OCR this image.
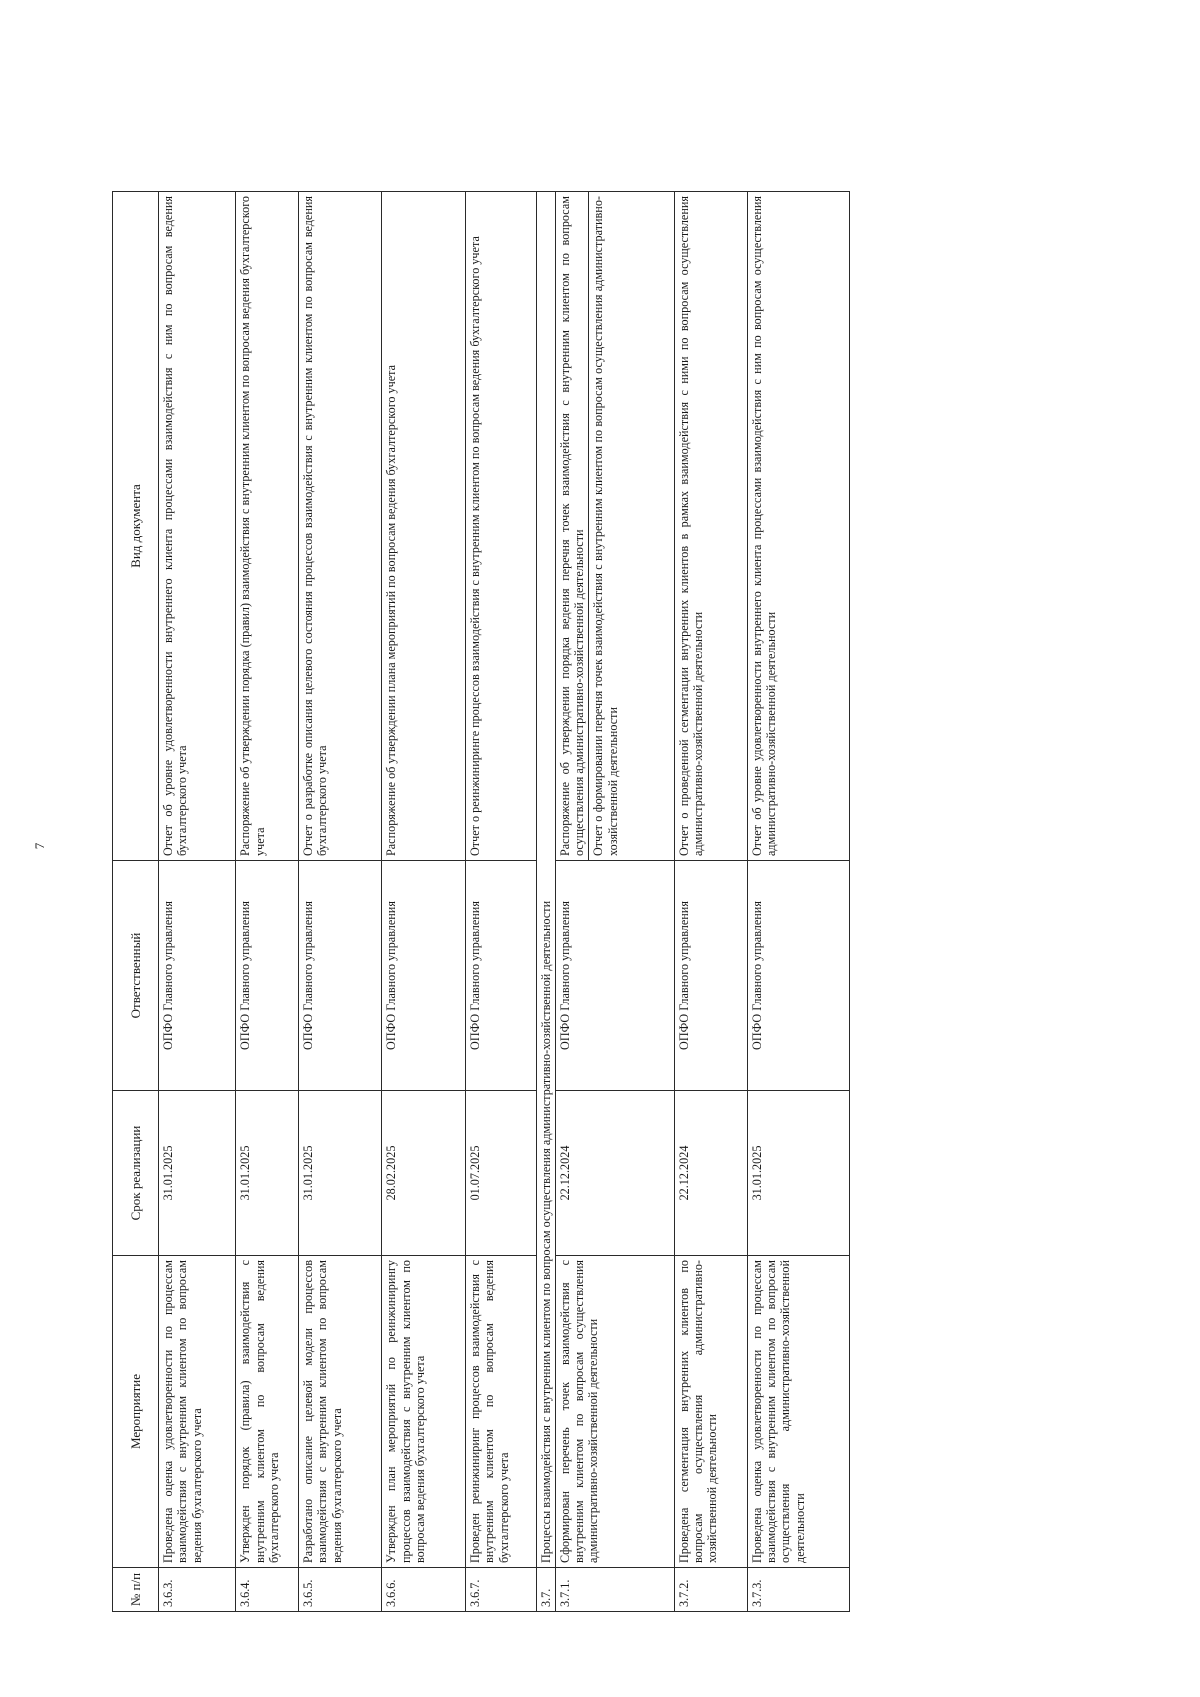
7
№ п/п	Мероприятие	Срок реализации	Ответственный	Вид документа
3.6.3.	Проведена оценка удовлетворенности по процессам взаимодействия с внутренним клиентом по вопросам ведения бухгалтерского учета	31.01.2025	ОПФО Главного управления	Отчет об уровне удовлетворенности внутреннего клиента процессами взаимодействия с ним по вопросам ведения бухгалтерского учета
3.6.4.	Утвержден порядок (правила) взаимодействия с внутренним клиентом по вопросам ведения бухгалтерского учета	31.01.2025	ОПФО Главного управления	Распоряжение об утверждении порядка (правил) взаимодействия с внутренним клиентом по вопросам ведения бухгалтерского учета
3.6.5.	Разработано описание целевой модели процессов взаимодействия с внутренним клиентом по вопросам ведения бухгалтерского учета	31.01.2025	ОПФО Главного управления	Отчет о разработке описания целевого состояния процессов взаимодействия с внутренним клиентом по вопросам ведения бухгалтерского учета
3.6.6.	Утвержден план мероприятий по реинжинирингу процессов взаимодействия с внутренним клиентом по вопросам ведения бухгалтерского учета	28.02.2025	ОПФО Главного управления	Распоряжение об утверждении плана мероприятий по вопросам ведения бухгалтерского учета
3.6.7.	Проведен реинжиниринг процессов взаимодействия с внутренним клиентом по вопросам ведения бухгалтерского учета	01.07.2025	ОПФО Главного управления	Отчет о реинжиниринге процессов взаимодействия с внутренним клиентом по вопросам ведения бухгалтерского учета
3.7.	Процессы взаимодействия с внутренним клиентом по вопросам осуществления административно-хозяйственной деятельности			
3.7.1.	Сформирован перечень точек взаимодействия с внутренним клиентом по вопросам осуществления административно-хозяйственной деятельности	22.12.2024	ОПФО Главного управления	Распоряжение об утверждении порядка ведения перечня точек взаимодействия с внутренним клиентом по вопросам осуществления административно-хозяйственной деятельности Отчет о формировании перечня точек взаимодействия с внутренним клиентом по вопросам осуществления административно-хозяйственной деятельности

3.7.2.	Проведена сегментация внутренних клиентов по вопросам осуществления административно-хозяйственной деятельности	22.12.2024	ОПФО Главного управления	Отчет о проведенной сегментации внутренних клиентов в рамках взаимодействия с ними по вопросам осуществления административно-хозяйственной деятельности
3.7.3.	Проведена оценка удовлетворенности по процессам взаимодействия с внутренним клиентом по вопросам осуществления административно-хозяйственной деятельности	31.01.2025	ОПФО Главного управления	Отчет об уровне удовлетворенности внутреннего клиента процессами взаимодействия с ним по вопросам осуществления административно-хозяйственной деятельности
